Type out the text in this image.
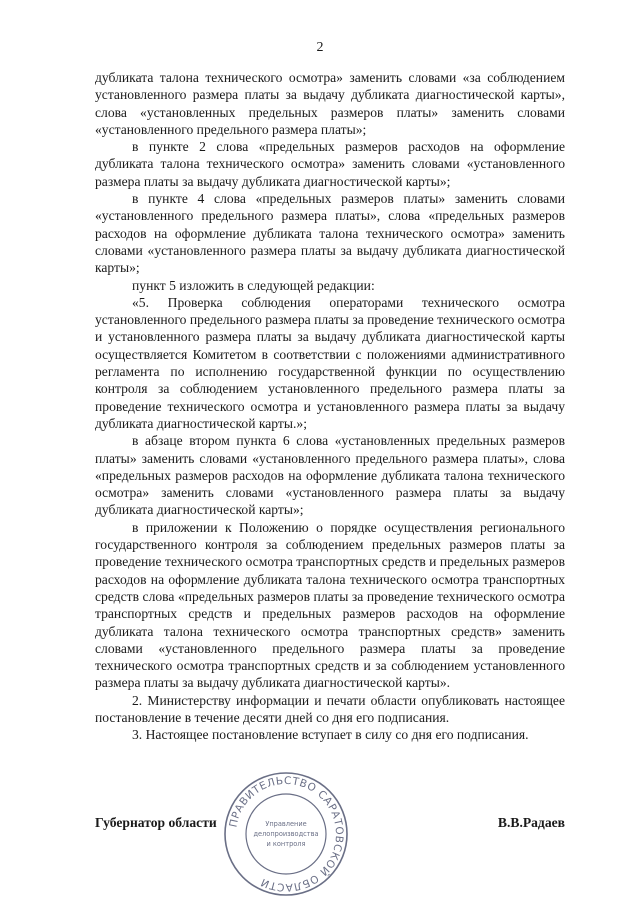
2

дубликата талона технического осмотра» заменить словами «за соблюдением установленного размера платы за выдачу дубликата диагностической карты», слова «установленных предельных размеров платы» заменить словами «установленного предельного размера платы»;

в пункте 2 слова «предельных размеров расходов на оформление дубликата талона технического осмотра» заменить словами «установленного размера платы за выдачу дубликата диагностической карты»;

в пункте 4 слова «предельных размеров платы» заменить словами «установленного предельного размера платы», слова «предельных размеров расходов на оформление дубликата талона технического осмотра» заменить словами «установленного размера платы за выдачу дубликата диагностической карты»;

пункт 5 изложить в следующей редакции:

«5. Проверка соблюдения операторами технического осмотра установленного предельного размера платы за проведение технического осмотра и установленного размера платы за выдачу дубликата диагностической карты осуществляется Комитетом в соответствии с положениями административного регламента по исполнению государственной функции по осуществлению контроля за соблюдением установленного предельного размера платы за проведение технического осмотра и установленного размера платы за выдачу дубликата диагностической карты.»;

в абзаце втором пункта 6 слова «установленных предельных размеров платы» заменить словами «установленного предельного размера платы», слова «предельных размеров расходов на оформление дубликата талона технического осмотра» заменить словами «установленного размера платы за выдачу дубликата диагностической карты»;

в приложении к Положению о порядке осуществления регионального государственного контроля за соблюдением предельных размеров платы за проведение технического осмотра транспортных средств и предельных размеров расходов на оформление дубликата талона технического осмотра транспортных средств слова «предельных размеров платы за проведение технического осмотра транспортных средств и предельных размеров расходов на оформление дубликата талона технического осмотра транспортных средств» заменить словами «установленного предельного размера платы за проведение технического осмотра транспортных средств и за соблюдением установленного размера платы за выдачу дубликата диагностической карты».

2. Министерству информации и печати области опубликовать настоящее постановление в течение десяти дней со дня его подписания.

3. Настоящее постановление вступает в силу со дня его подписания.

Губернатор области	В.В.Радаев
ПРАВИТЕЛЬСТВО САРАТОВСКОЙ ОБЛАСТИ
Управление
делопроизводства
и контроля
